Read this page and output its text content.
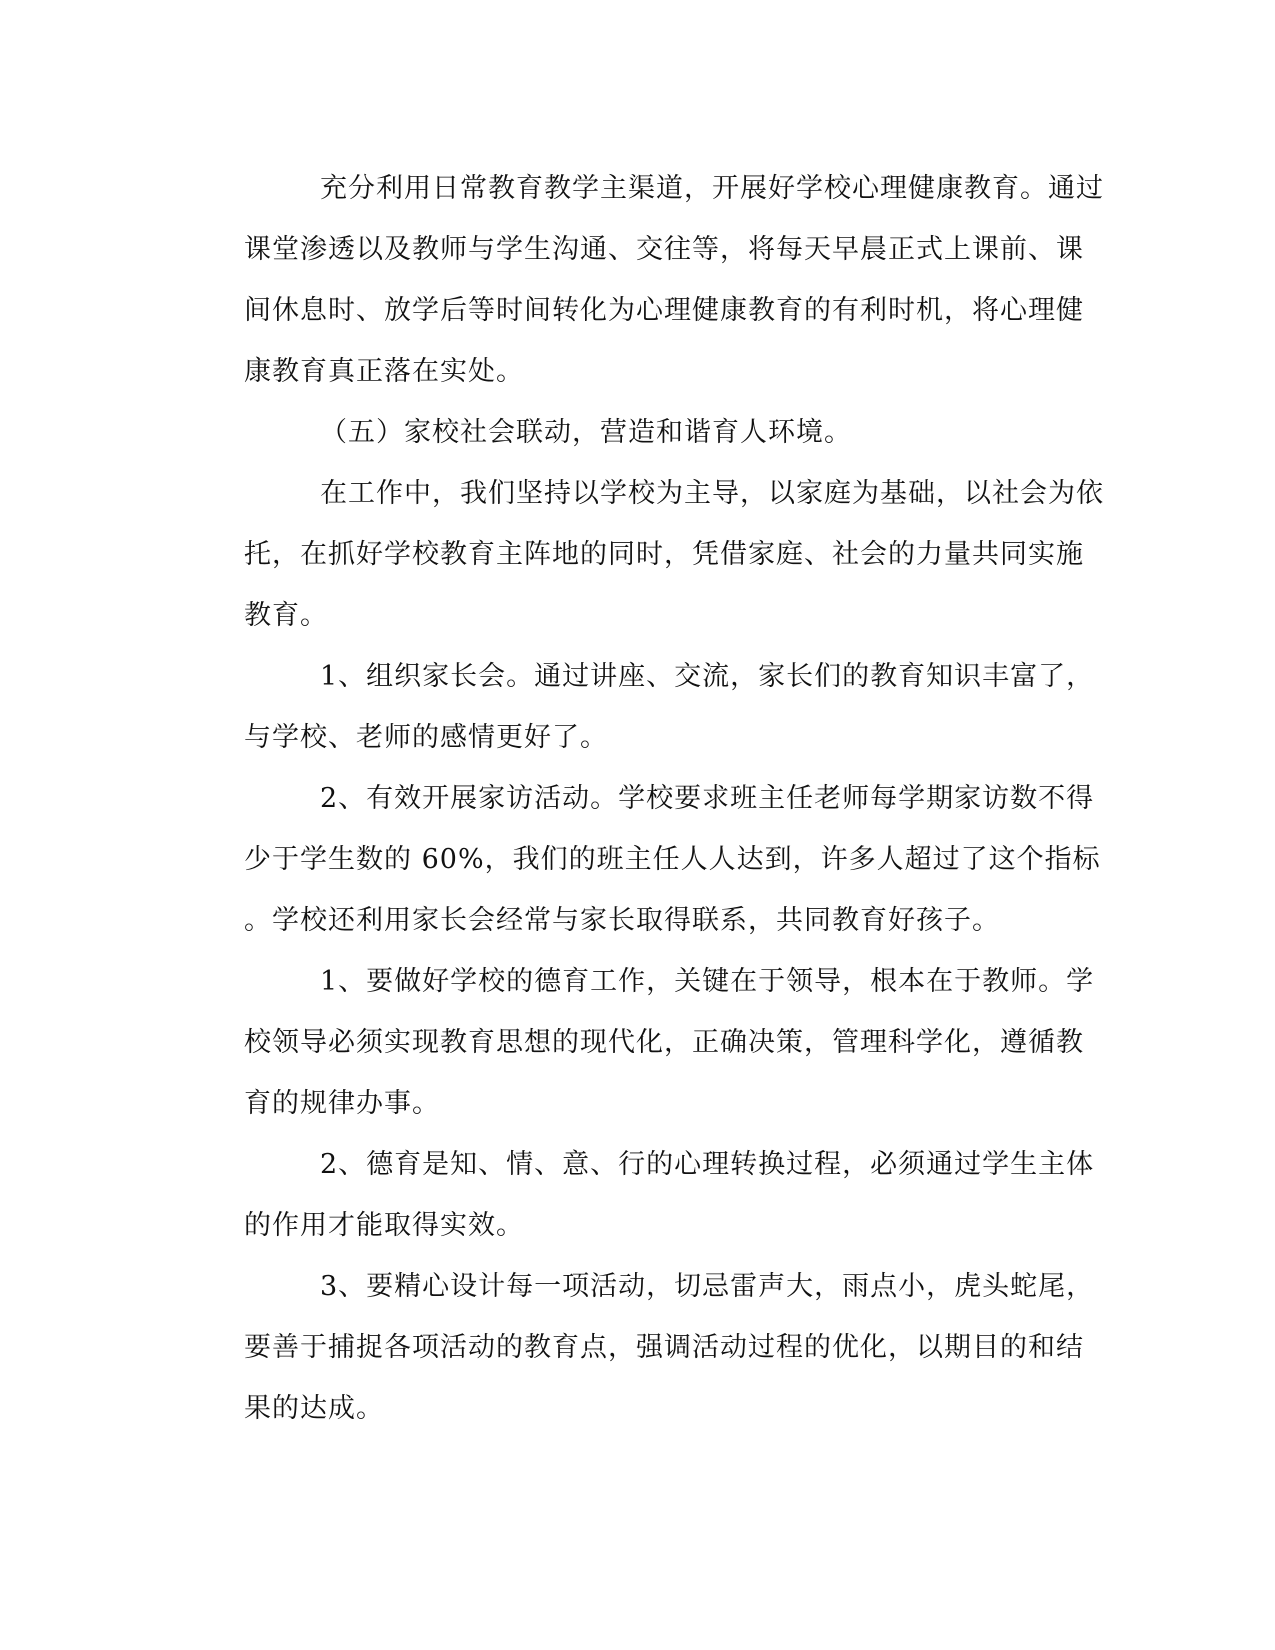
充分利用日常教育教学主渠道，开展好学校心理健康教育。通过
课堂渗透以及教师与学生沟通、交往等，将每天早晨正式上课前、课
间休息时、放学后等时间转化为心理健康教育的有利时机，将心理健
康教育真正落在实处。
（五）家校社会联动，营造和谐育人环境。
在工作中，我们坚持以学校为主导，以家庭为基础，以社会为依
托，在抓好学校教育主阵地的同时，凭借家庭、社会的力量共同实施
教育。
1、组织家长会。通过讲座、交流，家长们的教育知识丰富了，
与学校、老师的感情更好了。
2、有效开展家访活动。学校要求班主任老师每学期家访数不得
少于学生数的 60%，我们的班主任人人达到，许多人超过了这个指标
。学校还利用家长会经常与家长取得联系，共同教育好孩子。
1、要做好学校的德育工作，关键在于领导，根本在于教师。学
校领导必须实现教育思想的现代化，正确决策，管理科学化，遵循教
育的规律办事。
2、德育是知、情、意、行的心理转换过程，必须通过学生主体
的作用才能取得实效。
3、要精心设计每一项活动，切忌雷声大，雨点小，虎头蛇尾，
要善于捕捉各项活动的教育点，强调活动过程的优化，以期目的和结
果的达成。
